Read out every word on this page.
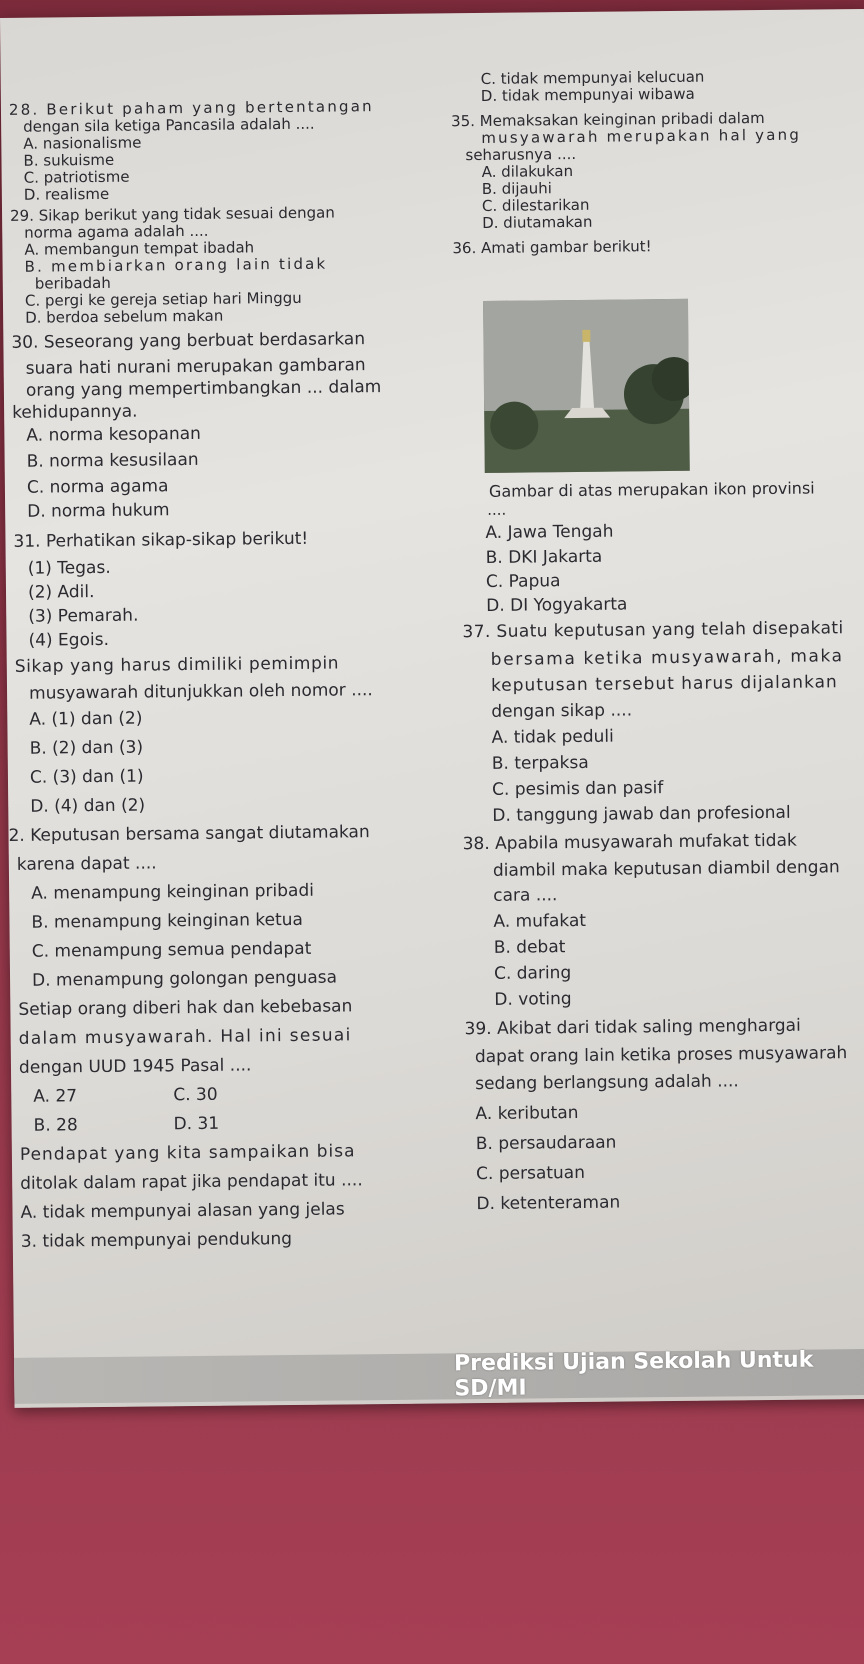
28. Berikut paham yang bertentangan
dengan sila ketiga Pancasila adalah ....
A. nasionalisme
B. sukuisme
C. patriotisme
D. realisme
29. Sikap berikut yang tidak sesuai dengan
norma agama adalah ....
A. membangun tempat ibadah
B. membiarkan orang lain tidak
beribadah
C. pergi ke gereja setiap hari Minggu
D. berdoa sebelum makan
30. Seseorang yang berbuat berdasarkan
suara hati nurani merupakan gambaran
orang yang mempertimbangkan ... dalam
kehidupannya.
A. norma kesopanan
B. norma kesusilaan
C. norma agama
D. norma hukum
31. Perhatikan sikap-sikap berikut!
(1) Tegas.
(2) Adil.
(3) Pemarah.
(4) Egois.
Sikap yang harus dimiliki pemimpin
musyawarah ditunjukkan oleh nomor ....
A. (1) dan (2)
B. (2) dan (3)
C. (3) dan (1)
D. (4) dan (2)
2. Keputusan bersama sangat diutamakan
karena dapat ....
A. menampung keinginan pribadi
B. menampung keinginan ketua
C. menampung semua pendapat
D. menampung golongan penguasa
Setiap orang diberi hak dan kebebasan
dalam musyawarah. Hal ini sesuai
dengan UUD 1945 Pasal ....
A. 27	C. 30
B. 28	D. 31
Pendapat yang kita sampaikan bisa
ditolak dalam rapat jika pendapat itu ....
A. tidak mempunyai alasan yang jelas
3. tidak mempunyai pendukung
C. tidak mempunyai kelucuan
D. tidak mempunyai wibawa
35. Memaksakan keinginan pribadi dalam
musyawarah merupakan hal yang
seharusnya ....
A. dilakukan
B. dijauhi
C. dilestarikan
D. diutamakan
36. Amati gambar berikut!
Gambar di atas merupakan ikon provinsi
....
A. Jawa Tengah
B. DKI Jakarta
C. Papua
D. DI Yogyakarta
37. Suatu keputusan yang telah disepakati
bersama ketika musyawarah, maka
keputusan tersebut harus dijalankan
dengan sikap ....
A. tidak peduli
B. terpaksa
C. pesimis dan pasif
D. tanggung jawab dan profesional
38. Apabila musyawarah mufakat tidak
diambil maka keputusan diambil dengan
cara ....
A. mufakat
B. debat
C. daring
D. voting
39. Akibat dari tidak saling menghargai
dapat orang lain ketika proses musyawarah
sedang berlangsung adalah ....
A. keributan
B. persaudaraan
C. persatuan
D. ketenteraman
Prediksi Ujian Sekolah Untuk SD/MI
